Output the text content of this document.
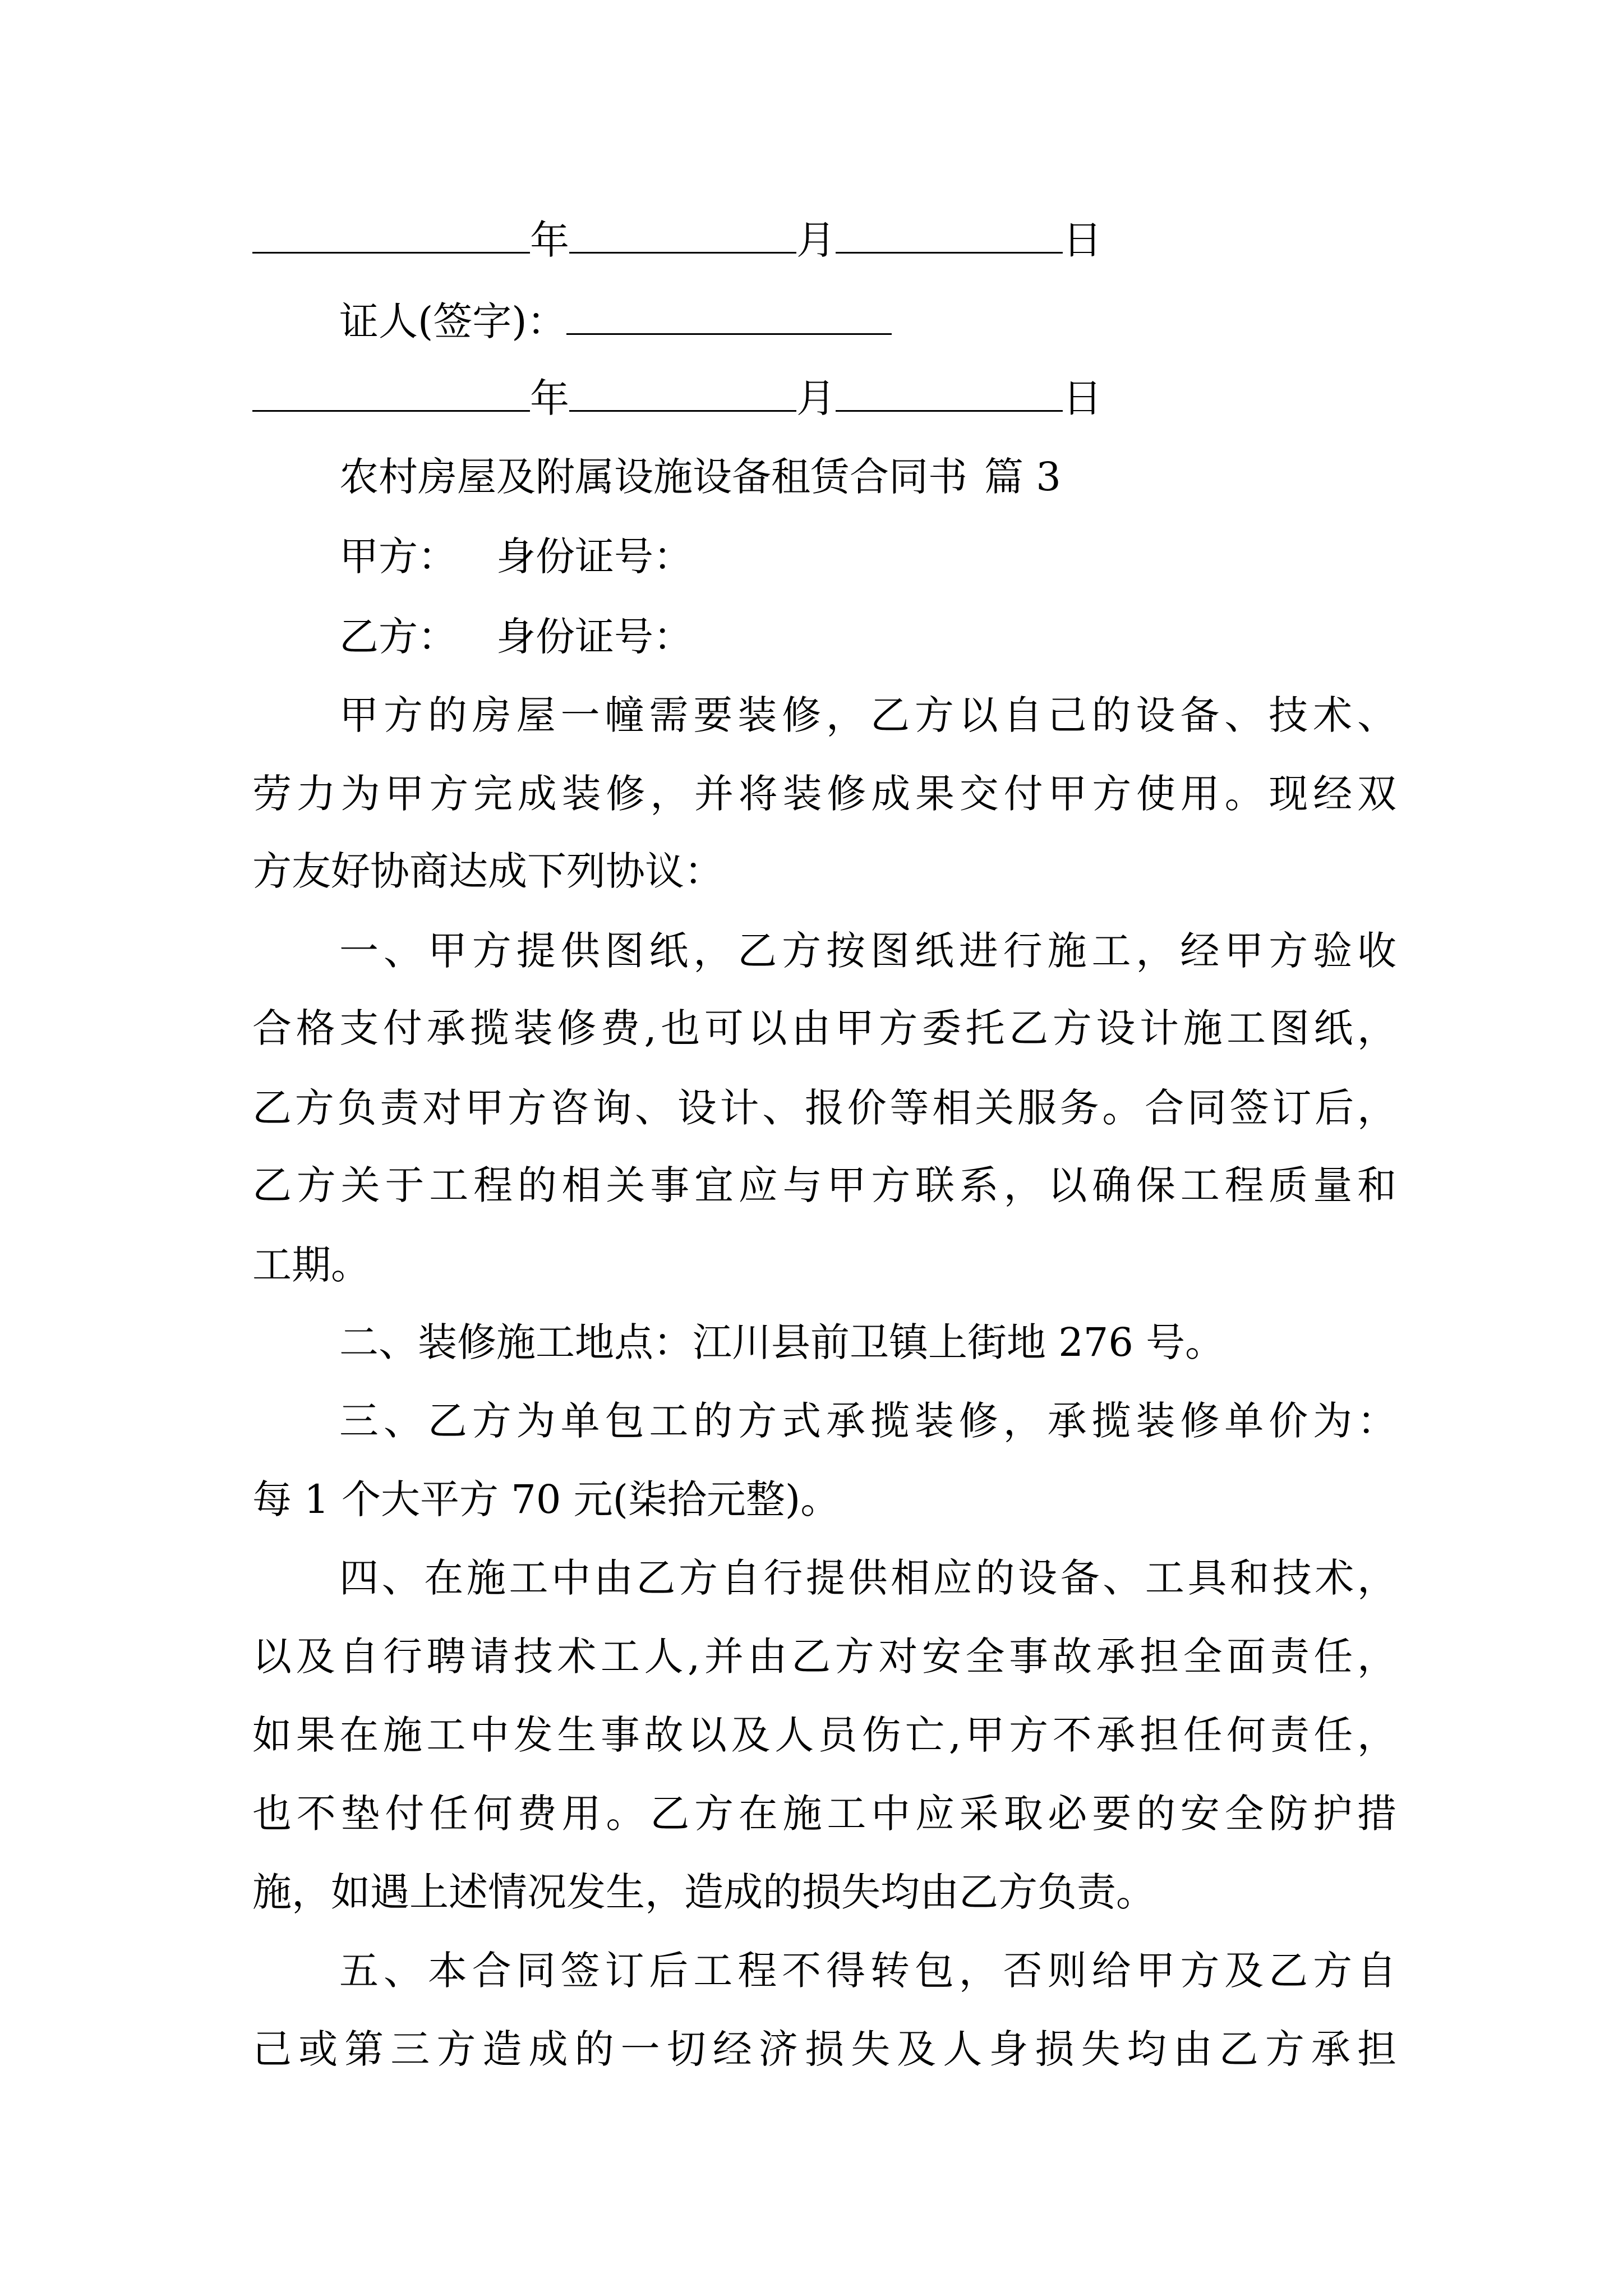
年	月	日
证人(签字)：
年	月	日
农村房屋及附属设施设备租赁合同书 篇 3
甲方： 身份证号：
乙方： 身份证号：
甲方的房屋一幢需要装修，乙方以自己的设备、技术、
劳力为甲方完成装修，并将装修成果交付甲方使用。现经双
方友好协商达成下列协议：
一、甲方提供图纸，乙方按图纸进行施工，经甲方验收
合格支付承揽装修费,也可以由甲方委托乙方设计施工图纸，
乙方负责对甲方咨询、设计、报价等相关服务。合同签订后，
乙方关于工程的相关事宜应与甲方联系，以确保工程质量和
工期。
二、装修施工地点：江川县前卫镇上街地 276 号。
三、乙方为单包工的方式承揽装修，承揽装修单价为：
每 1 个大平方 70 元(柒拾元整)。
四、在施工中由乙方自行提供相应的设备、工具和技术，
以及自行聘请技术工人,并由乙方对安全事故承担全面责任，
如果在施工中发生事故以及人员伤亡,甲方不承担任何责任，
也不垫付任何费用。乙方在施工中应采取必要的安全防护措
施，如遇上述情况发生，造成的损失均由乙方负责。
五、本合同签订后工程不得转包，否则给甲方及乙方自
己或第三方造成的一切经济损失及人身损失均由乙方承担
